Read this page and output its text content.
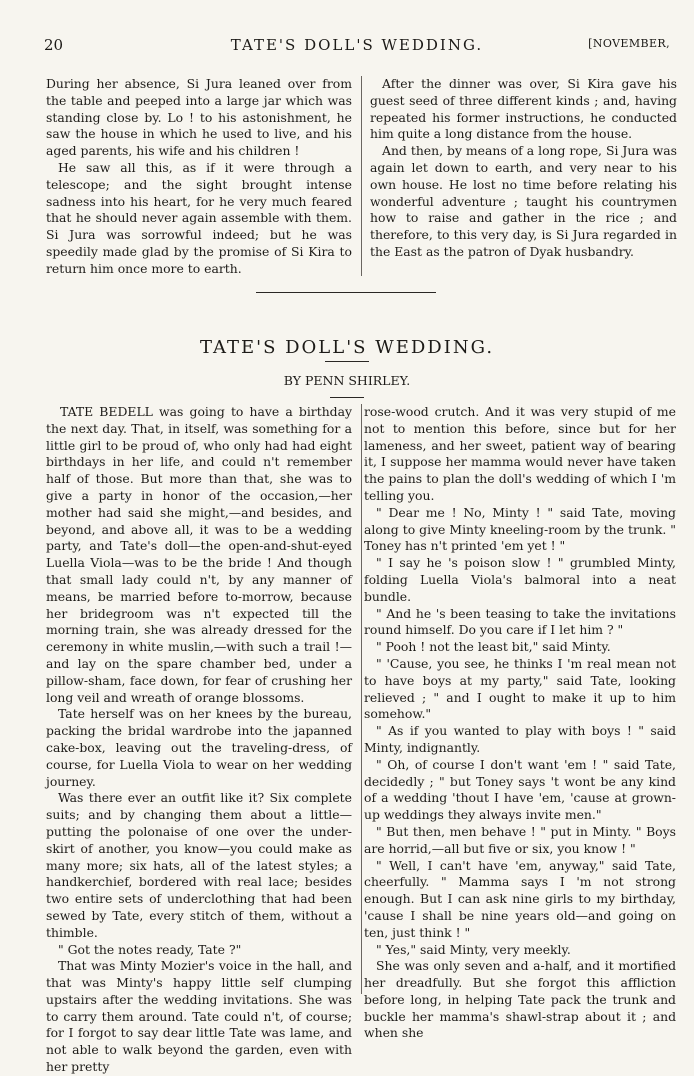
20	TATE'S DOLL'S WEDDING.	[NOVEMBER,

During her absence, Si Jura leaned over from the table and peeped into a large jar which was standing close by. Lo ! to his astonishment, he saw the house in which he used to live, and his aged parents, his wife and his children !

He saw all this, as if it were through a telescope; and the sight brought intense sadness into his heart, for he very much feared that he should never again assemble with them. Si Jura was sorrowful indeed; but he was speedily made glad by the promise of Si Kira to return him once more to earth.

After the dinner was over, Si Kira gave his guest seed of three different kinds ; and, having repeated his former instructions, he conducted him quite a long distance from the house.

And then, by means of a long rope, Si Jura was again let down to earth, and very near to his own house. He lost no time before relating his wonderful adventure ; taught his countrymen how to raise and gather in the rice ; and therefore, to this very day, is Si Jura regarded in the East as the patron of Dyak husbandry.

TATE'S DOLL'S WEDDING.
BY PENN SHIRLEY.

TATE BEDELL was going to have a birthday the next day. That, in itself, was something for a little girl to be proud of, who only had had eight birthdays in her life, and could n't remember half of those. But more than that, she was to give a party in honor of the occasion,—her mother had said she might,—and besides, and beyond, and above all, it was to be a wedding party, and Tate's doll—the open-and-shut-eyed Luella Viola—was to be the bride ! And though that small lady could n't, by any manner of means, be married before to-morrow, because her bridegroom was n't expected till the morning train, she was already dressed for the ceremony in white muslin,—with such a trail !—and lay on the spare chamber bed, under a pillow-sham, face down, for fear of crushing her long veil and wreath of orange blossoms.

Tate herself was on her knees by the bureau, packing the bridal wardrobe into the japanned cake-box, leaving out the traveling-dress, of course, for Luella Viola to wear on her wedding journey.

Was there ever an outfit like it? Six complete suits; and by changing them about a little—putting the polonaise of one over the under-skirt of another, you know—you could make as many more; six hats, all of the latest styles; a handkerchief, bordered with real lace; besides two entire sets of underclothing that had been sewed by Tate, every stitch of them, without a thimble.

" Got the notes ready, Tate ?"

That was Minty Mozier's voice in the hall, and that was Minty's happy little self clumping upstairs after the wedding invitations. She was to carry them around. Tate could n't, of course; for I forgot to say dear little Tate was lame, and not able to walk beyond the garden, even with her pretty

rose-wood crutch. And it was very stupid of me not to mention this before, since but for her lameness, and her sweet, patient way of bearing it, I suppose her mamma would never have taken the pains to plan the doll's wedding of which I 'm telling you.

" Dear me ! No, Minty ! " said Tate, moving along to give Minty kneeling-room by the trunk. " Toney has n't printed 'em yet ! "

" I say he 's poison slow ! " grumbled Minty, folding Luella Viola's balmoral into a neat bundle.

" And he 's been teasing to take the invitations round himself. Do you care if I let him ? "

" Pooh ! not the least bit," said Minty.

" 'Cause, you see, he thinks I 'm real mean not to have boys at my party," said Tate, looking relieved ; " and I ought to make it up to him somehow."

" As if you wanted to play with boys ! " said Minty, indignantly.

" Oh, of course I don't want 'em ! " said Tate, decidedly ; " but Toney says 't wont be any kind of a wedding 'thout I have 'em, 'cause at grown-up weddings they always invite men."

" But then, men behave ! " put in Minty. " Boys are horrid,—all but five or six, you know ! "

" Well, I can't have 'em, anyway," said Tate, cheerfully. " Mamma says I 'm not strong enough. But I can ask nine girls to my birthday, 'cause I shall be nine years old—and going on ten, just think ! "

" Yes," said Minty, very meekly.

She was only seven and a-half, and it mortified her dreadfully. But she forgot this affliction before long, in helping Tate pack the trunk and buckle her mamma's shawl-strap about it ; and when she
